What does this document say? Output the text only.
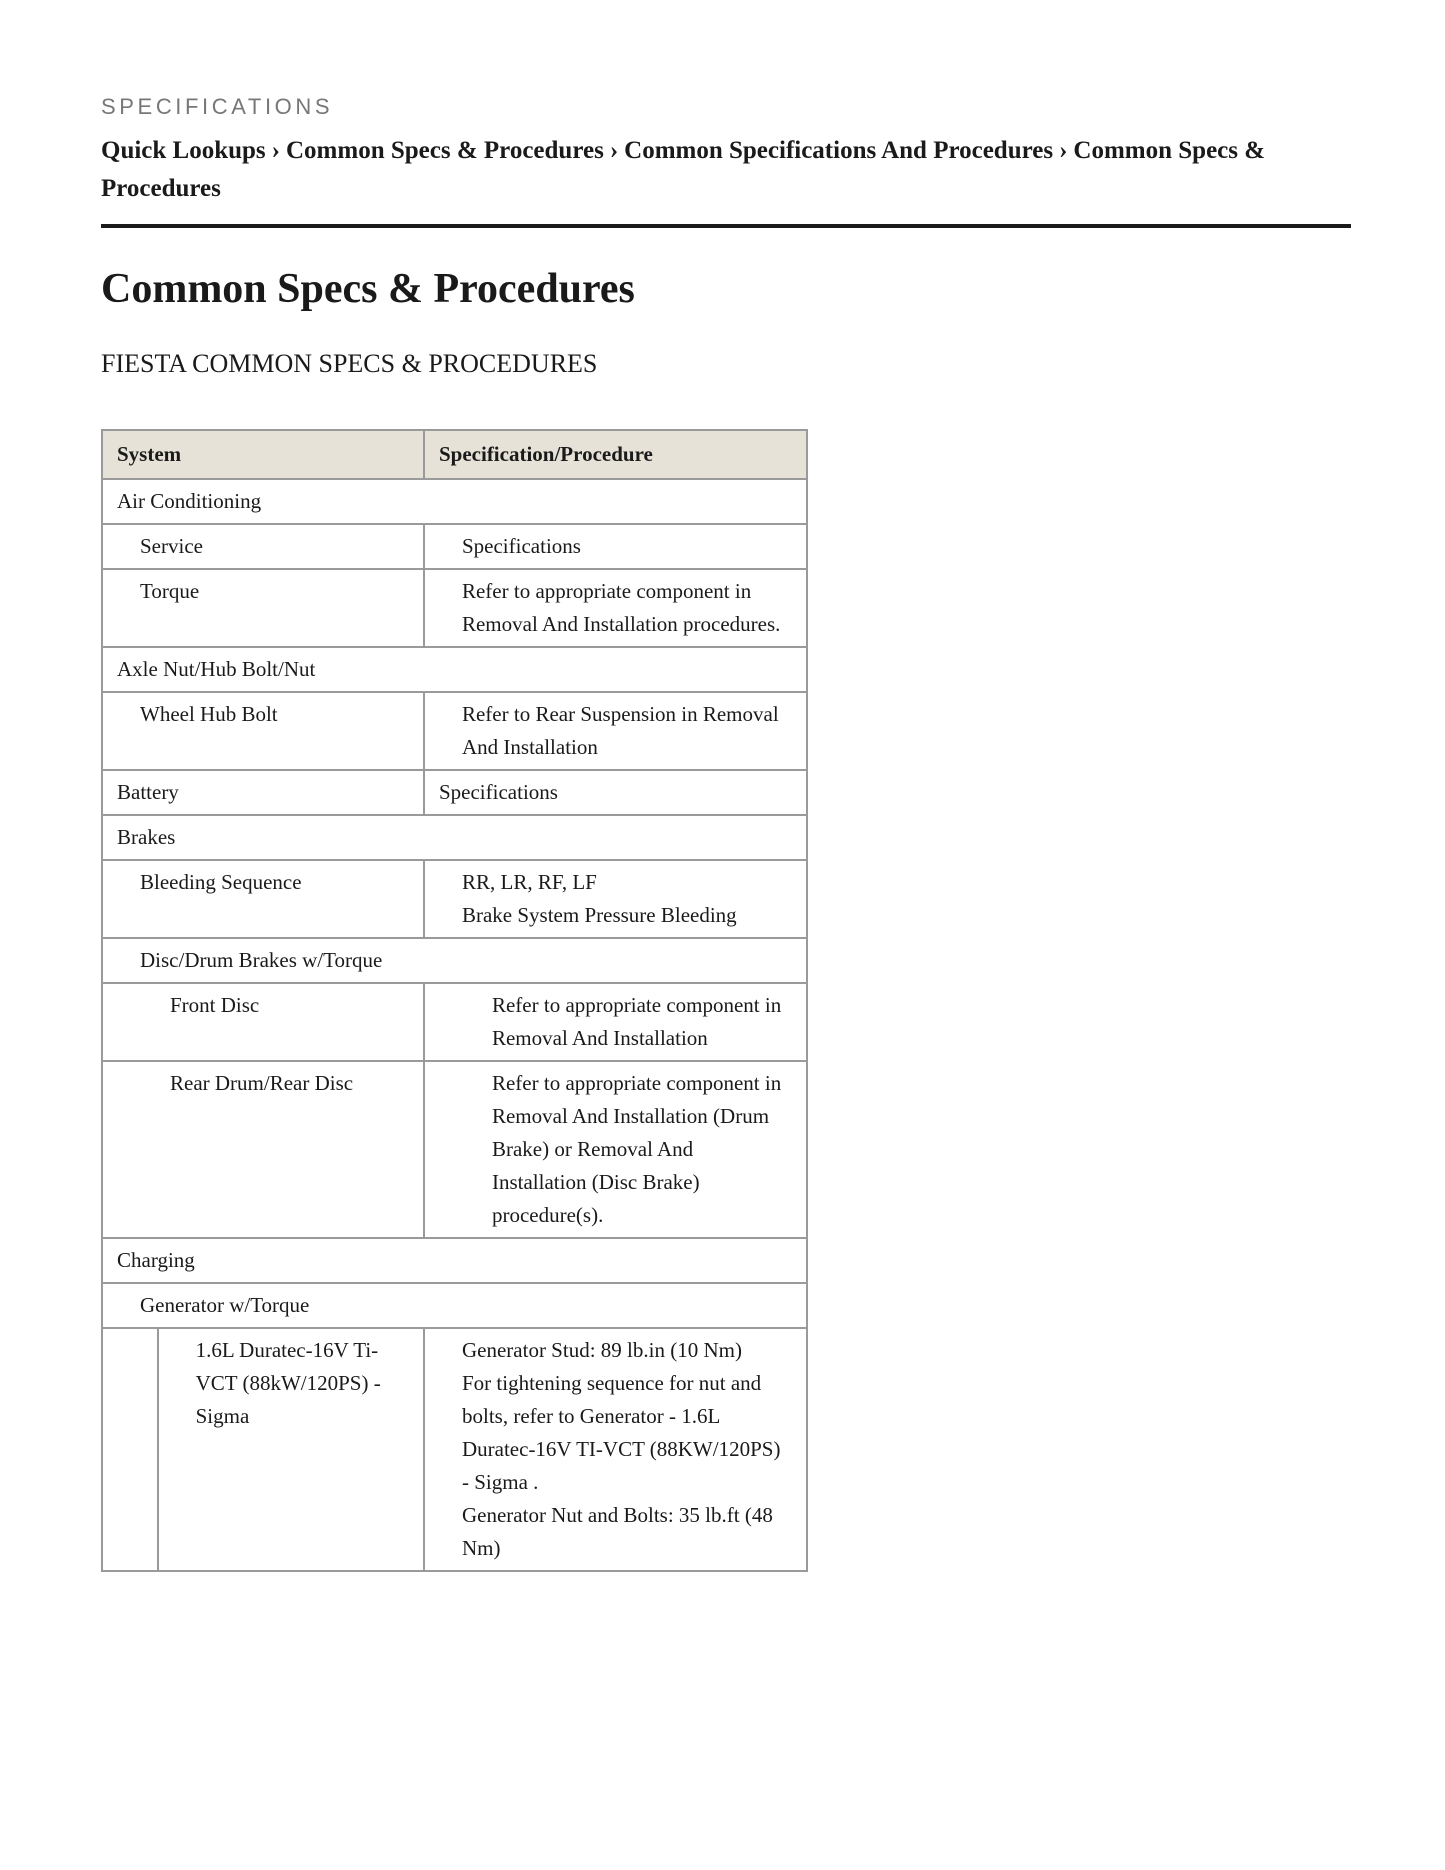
SPECIFICATIONS

Quick Lookups › Common Specs & Procedures › Common Specifications And Procedures › Common Specs & Procedures
Common Specs & Procedures
FIESTA COMMON SPECS & PROCEDURES
System		Specification/Procedure
Air Conditioning		
Service		Specifications
Torque		Refer to appropriate component in Removal And Installation procedures.
Axle Nut/Hub Bolt/Nut		
Wheel Hub Bolt		Refer to Rear Suspension in Removal And Installation
Battery		Specifications
Brakes		
Bleeding Sequence		RR, LR, RF, LF
Brake System Pressure Bleeding

Disc/Drum Brakes w/Torque		
Front Disc		Refer to appropriate component in Removal And Installation
Rear Drum/Rear Disc		Refer to appropriate component in Removal And Installation (Drum Brake) or Removal And Installation (Disc Brake) procedure(s).
Charging		
Generator w/Torque		
	1.6L Duratec-16V Ti-VCT (88kW/120PS) - Sigma	Generator Stud: 89 lb.in (10 Nm)
For tightening sequence for nut and bolts, refer to Generator - 1.6L Duratec-16V TI-VCT (88KW/120PS) - Sigma .
Generator Nut and Bolts: 35 lb.ft (48 Nm)
